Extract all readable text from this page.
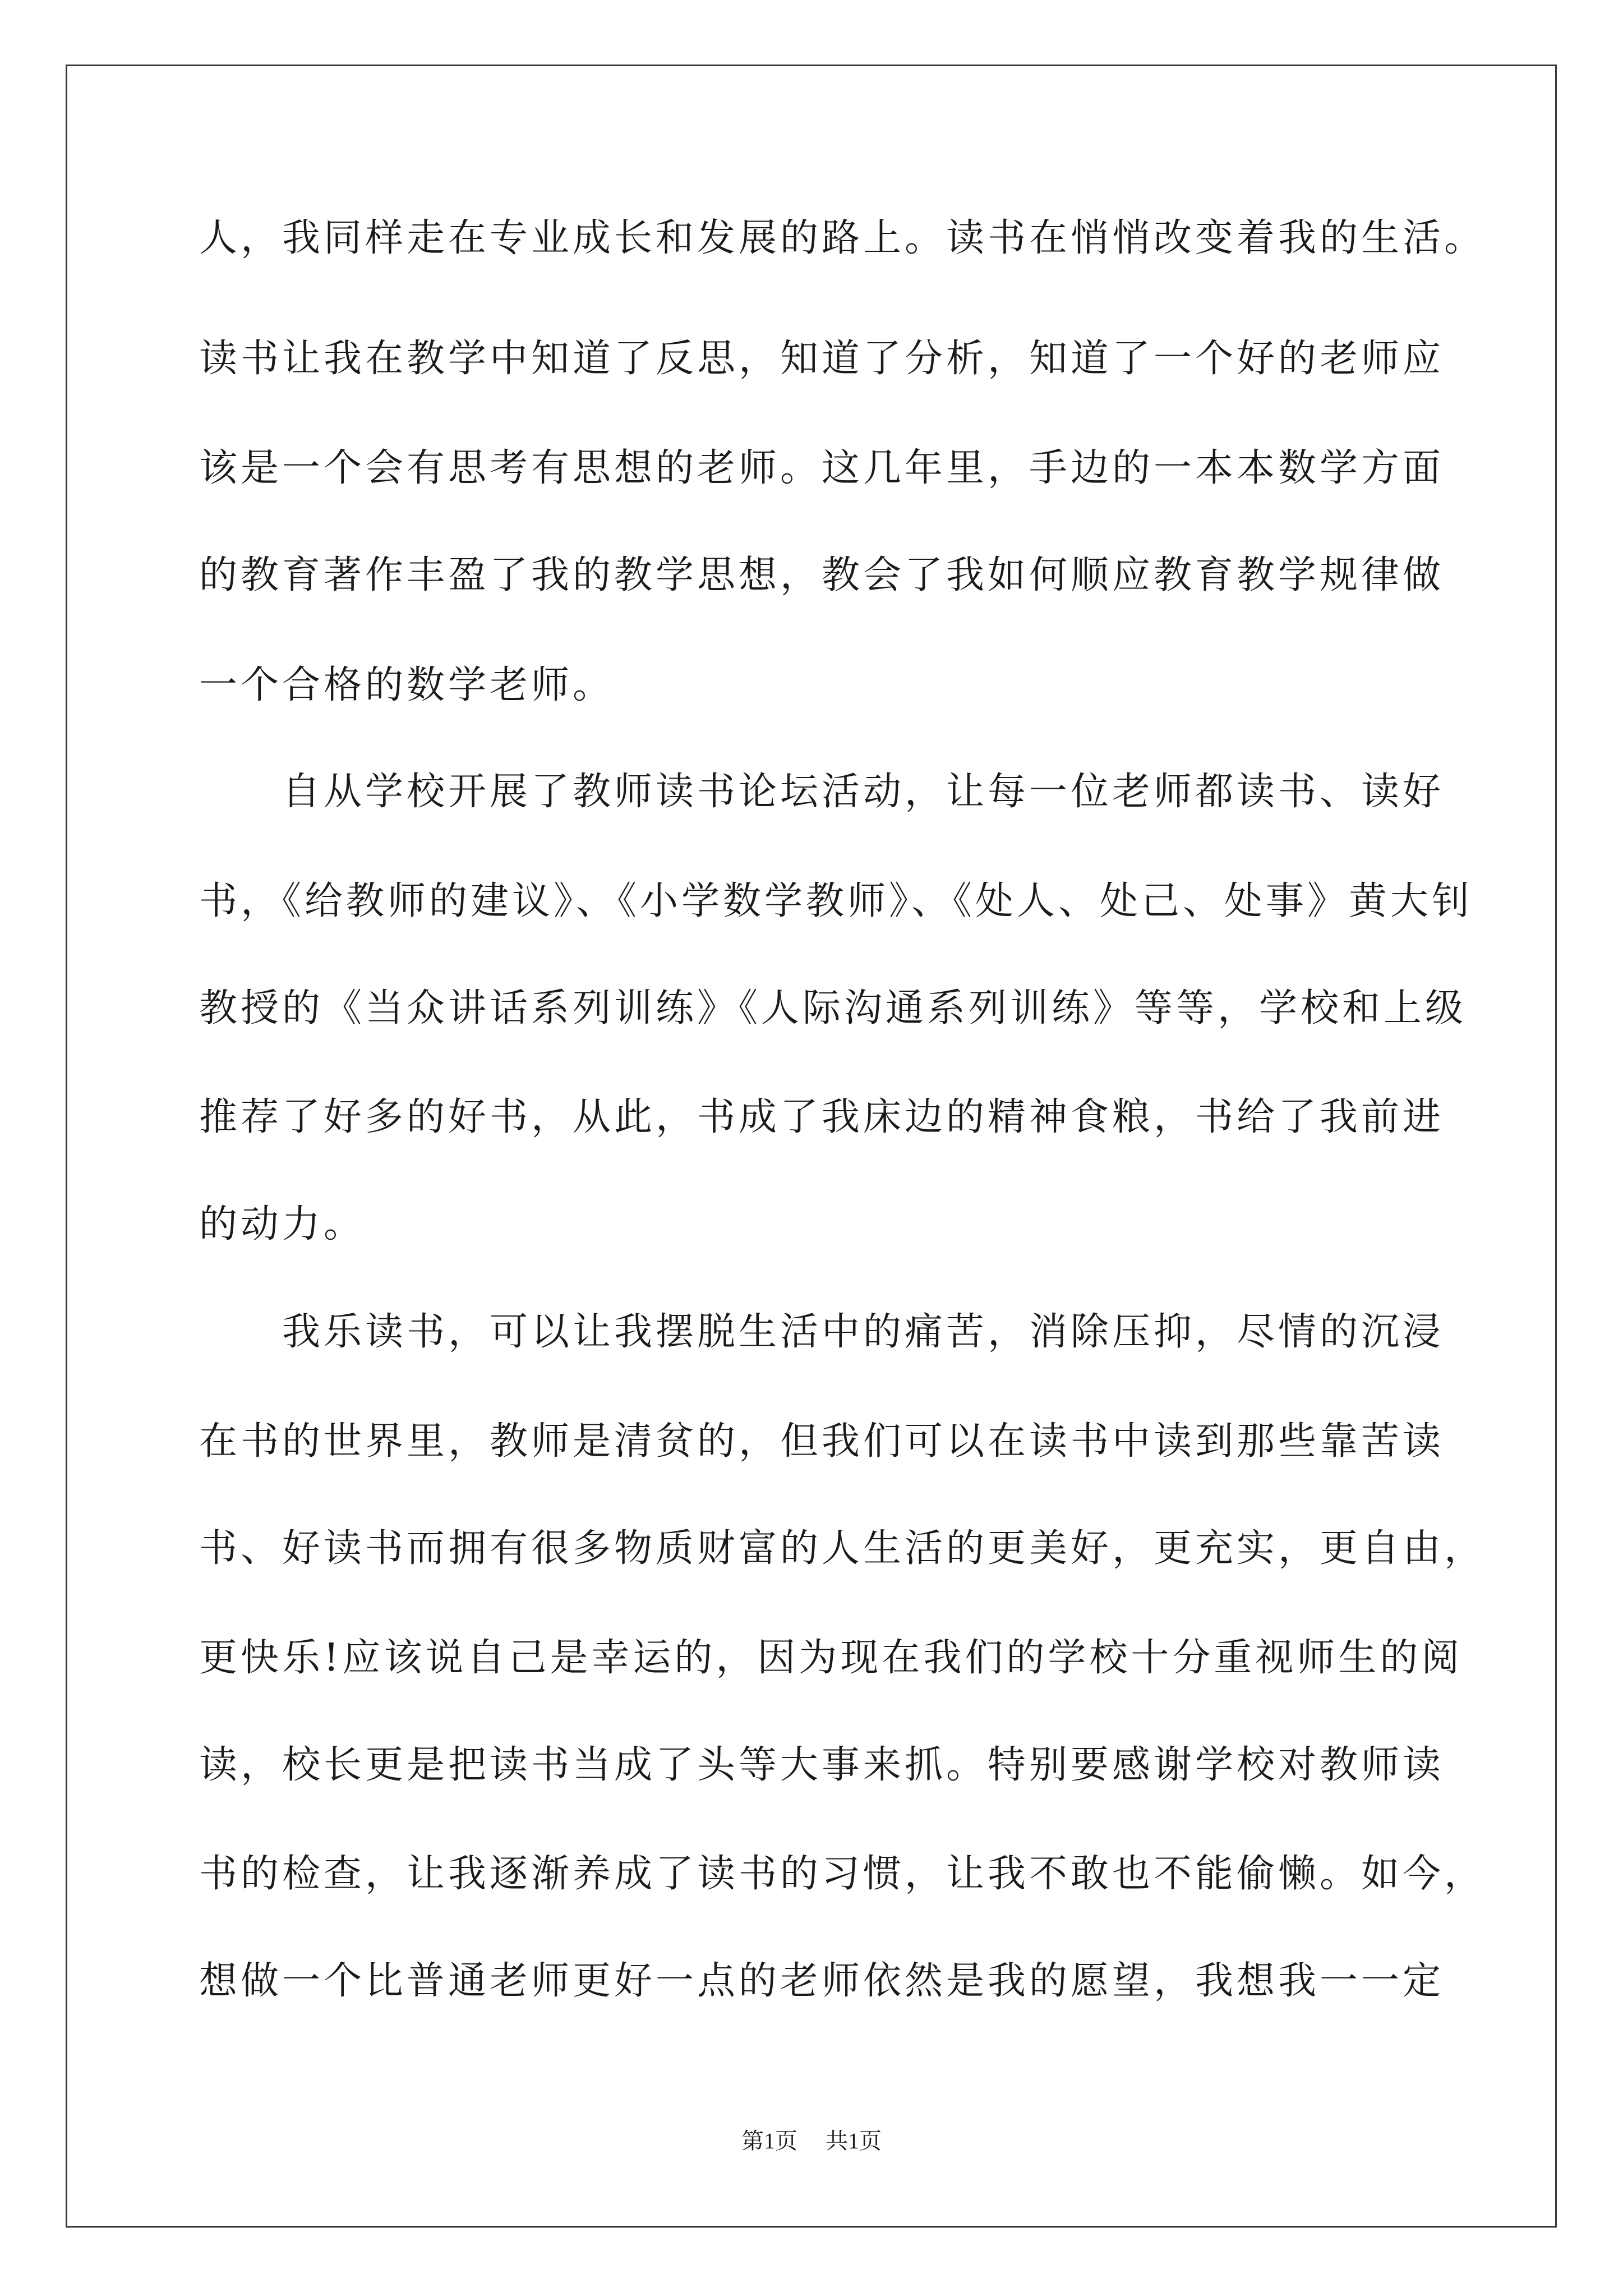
人，我同样走在专业成长和发展的路上。读书在悄悄改变着我的生活。
读书让我在教学中知道了反思，知道了分析，知道了一个好的老师应
该是一个会有思考有思想的老师。这几年里，手边的一本本数学方面
的教育著作丰盈了我的教学思想，教会了我如何顺应教育教学规律做
一个合格的数学老师。
自从学校开展了教师读书论坛活动，让每一位老师都读书、读好
书，《给教师的建议》、《小学数学教师》、《处人、处己、处事》黄大钊
教授的《当众讲话系列训练》《人际沟通系列训练》等等，学校和上级
推荐了好多的好书，从此，书成了我床边的精神食粮，书给了我前进
的动力。
我乐读书，可以让我摆脱生活中的痛苦，消除压抑，尽情的沉浸
在书的世界里，教师是清贫的，但我们可以在读书中读到那些靠苦读
书、好读书而拥有很多物质财富的人生活的更美好，更充实，更自由，
更快乐!应该说自己是幸运的，因为现在我们的学校十分重视师生的阅
读，校长更是把读书当成了头等大事来抓。特别要感谢学校对教师读
书的检查，让我逐渐养成了读书的习惯，让我不敢也不能偷懒。如今，
想做一个比普通老师更好一点的老师依然是我的愿望，我想我一一定
第1页 共1页
